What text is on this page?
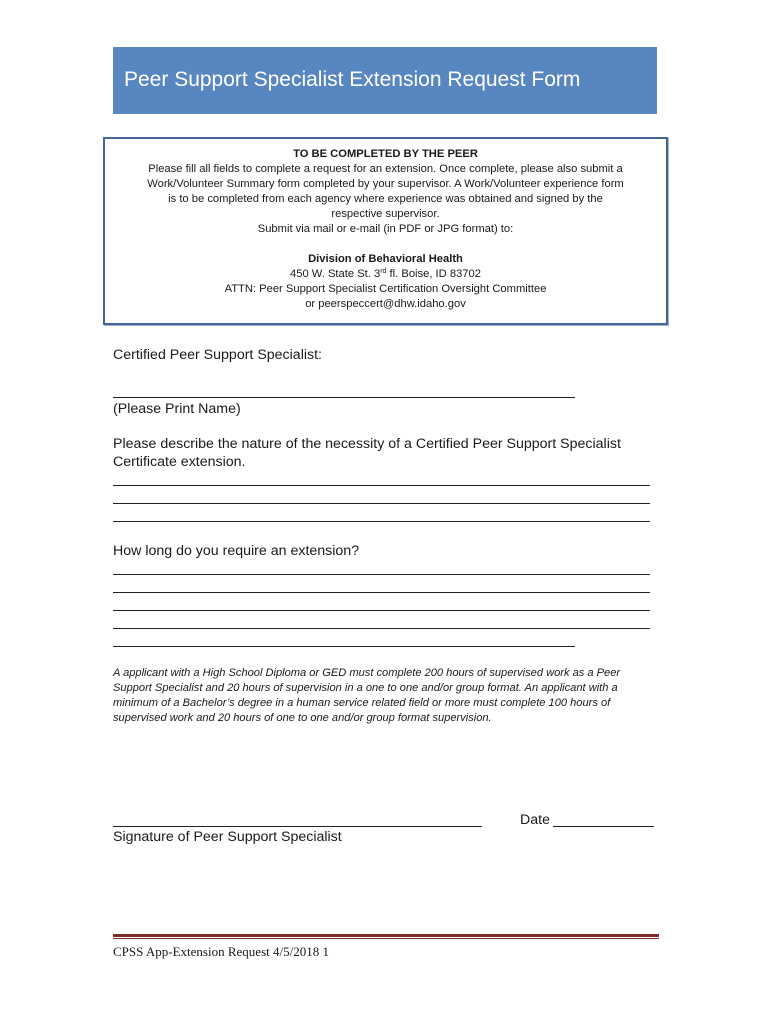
Peer Support Specialist Extension Request Form

TO BE COMPLETED BY THE PEER

Please fill all fields to complete a request for an extension. Once complete, please also submit a

Work/Volunteer Summary form completed by your supervisor. A Work/Volunteer experience form

is to be completed from each agency where experience was obtained and signed by the

respective supervisor.

Submit via mail or e-mail (in PDF or JPG format) to:

Division of Behavioral Health

450 W. State St. 3rd fl. Boise, ID 83702

ATTN: Peer Support Specialist Certification Oversight Committee

or peerspeccert@dhw.idaho.gov

Certified Peer Support Specialist:

(Please Print Name)

Please describe the nature of the necessity of a Certified Peer Support Specialist Certificate extension.

How long do you require an extension?

A applicant with a High School Diploma or GED must complete 200 hours of supervised work as a Peer Support Specialist and 20 hours of supervision in a one to one and/or group format. An applicant with a minimum of a Bachelor’s degree in a human service related field or more must complete 100 hours of supervised work and 20 hours of one to one and/or group format supervision.

Signature of Peer Support Specialist

Date

CPSS App-Extension Request 4/5/2018 1
